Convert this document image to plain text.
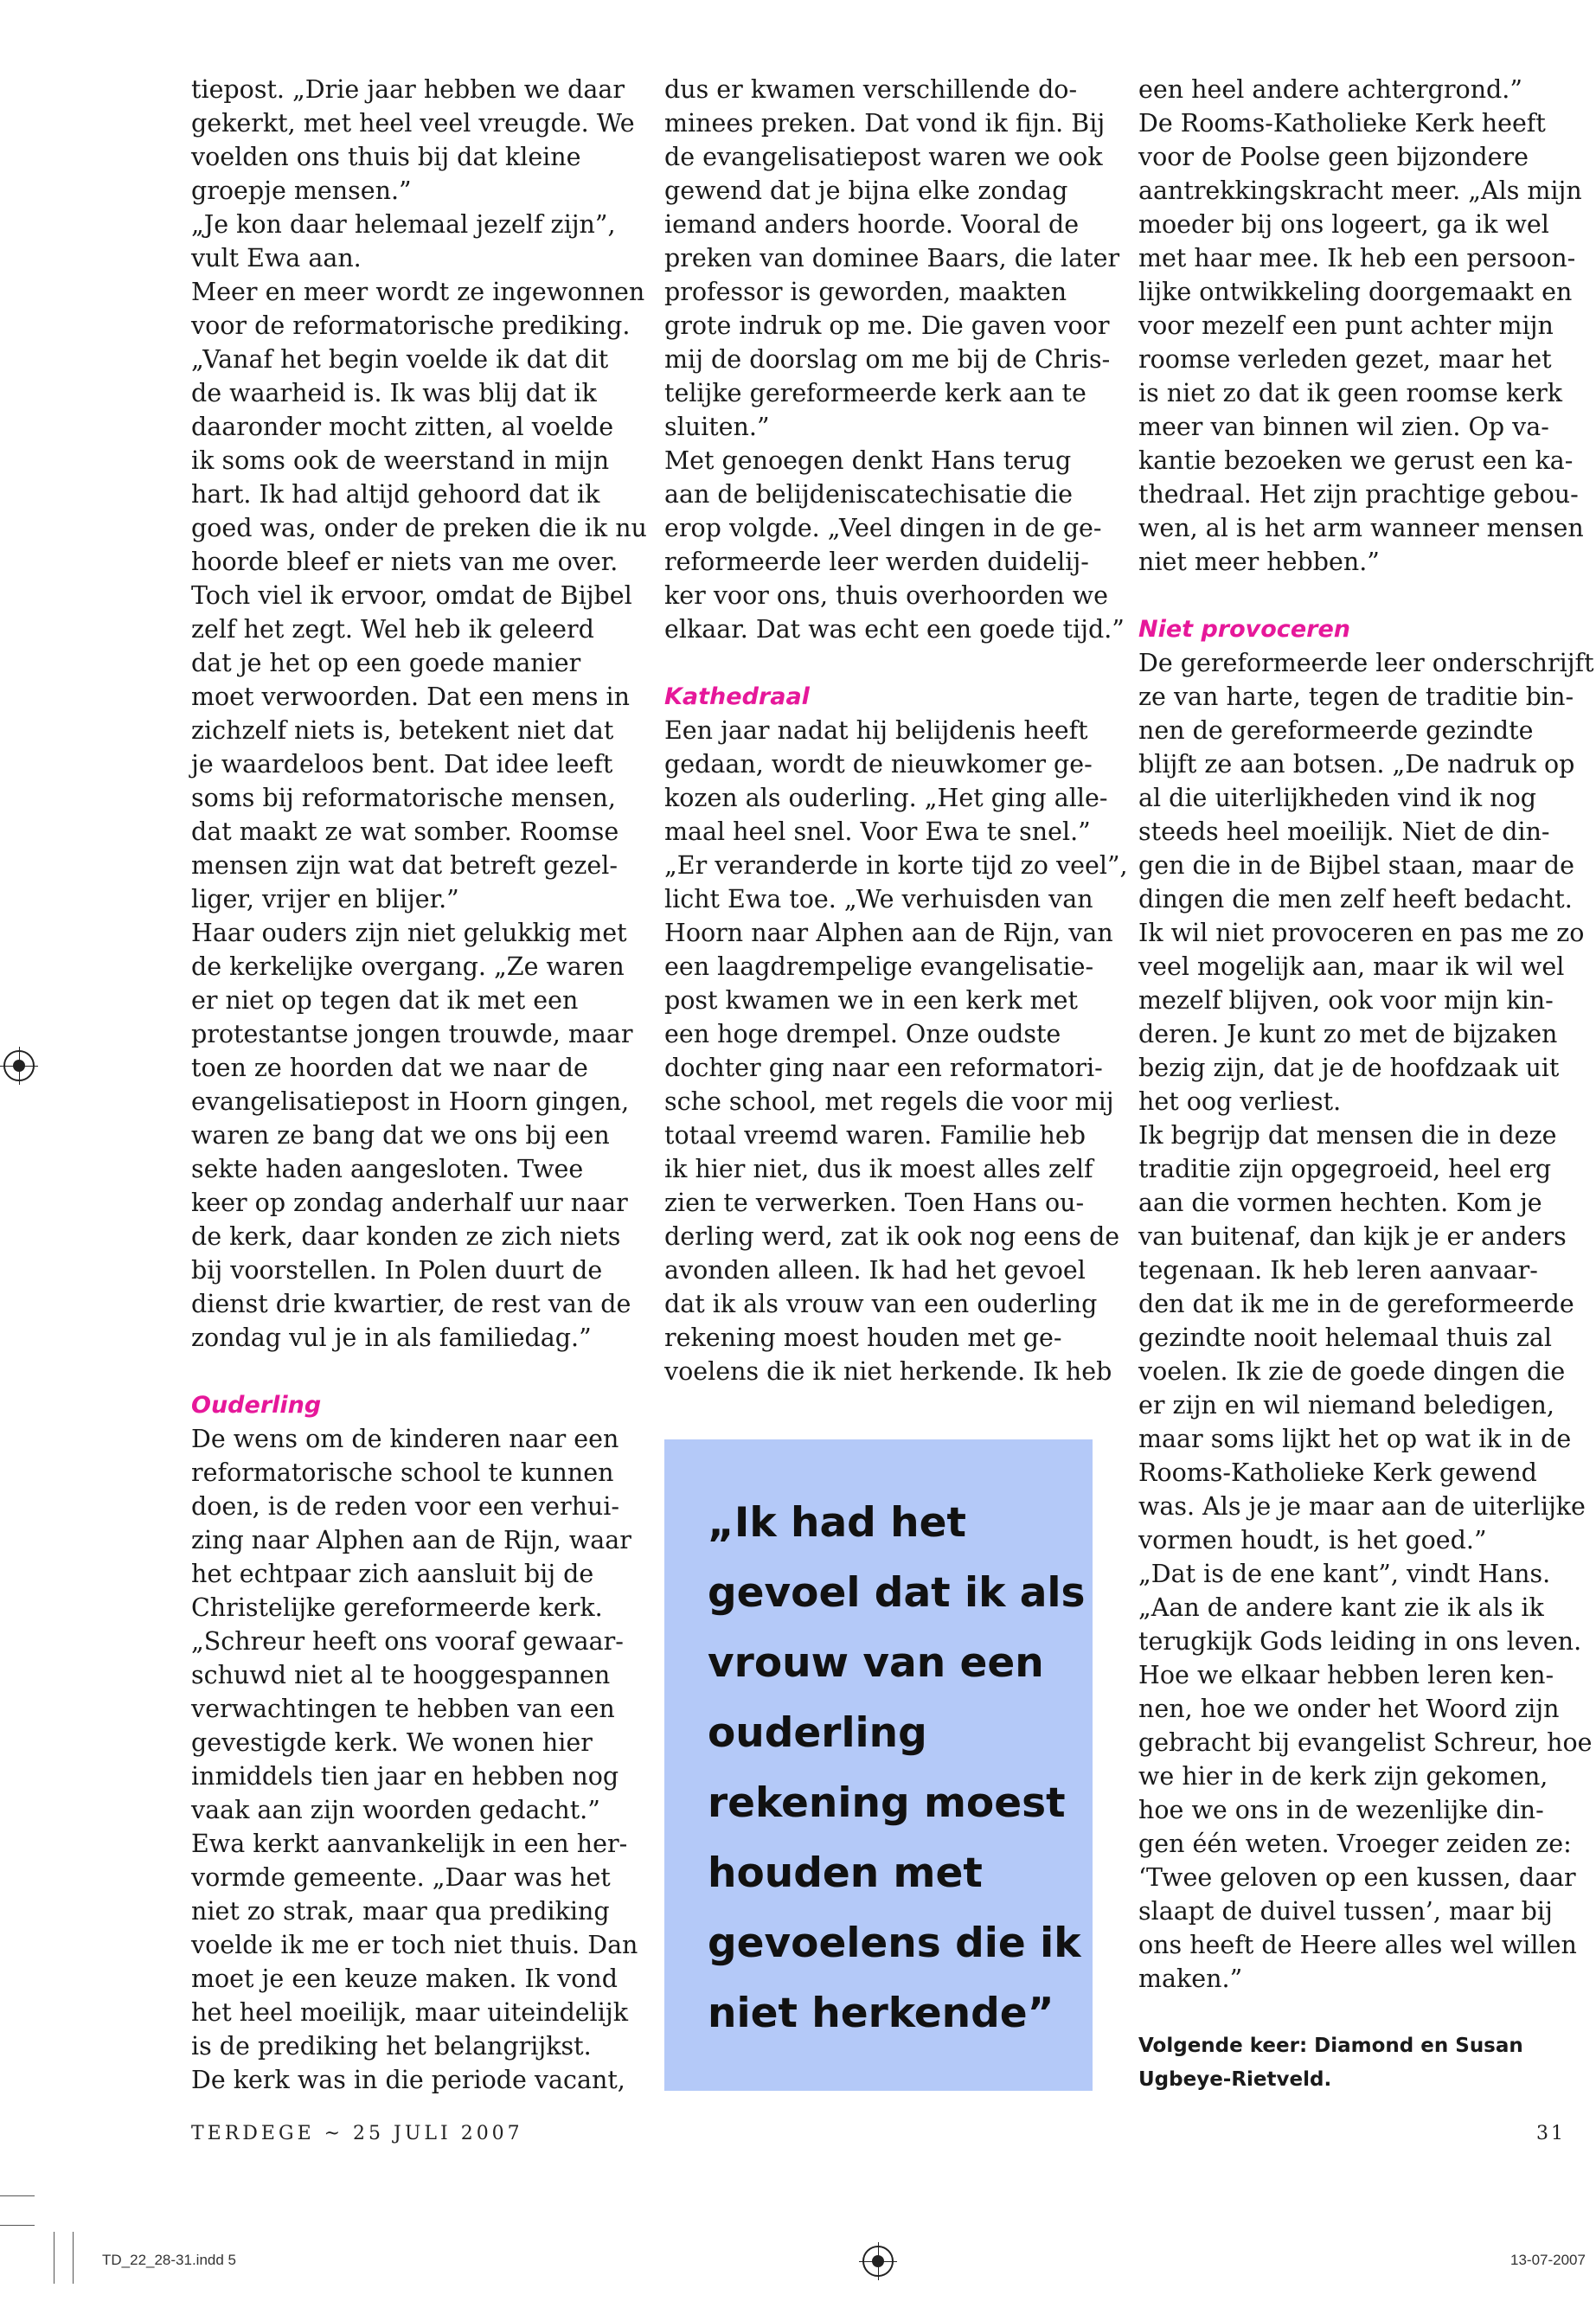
tiepost. „Drie jaar hebben we daar

gekerkt, met heel veel vreugde. We

voelden ons thuis bij dat kleine

groepje mensen.”

„Je kon daar helemaal jezelf zijn”,

vult Ewa aan.

Meer en meer wordt ze ingewonnen

voor de reformatorische prediking.

„Vanaf het begin voelde ik dat dit

de waarheid is. Ik was blij dat ik

daaronder mocht zitten, al voelde

ik soms ook de weerstand in mijn

hart. Ik had altijd gehoord dat ik

goed was, onder de preken die ik nu

hoorde bleef er niets van me over.

Toch viel ik ervoor, omdat de Bijbel

zelf het zegt. Wel heb ik geleerd

dat je het op een goede manier

moet verwoorden. Dat een mens in

zichzelf niets is, betekent niet dat

je waardeloos bent. Dat idee leeft

soms bij reformatorische mensen,

dat maakt ze wat somber. Roomse

mensen zijn wat dat betreft gezel-

liger, vrijer en blijer.”

Haar ouders zijn niet gelukkig met

de kerkelijke overgang. „Ze waren

er niet op tegen dat ik met een

protestantse jongen trouwde, maar

toen ze hoorden dat we naar de

evangelisatiepost in Hoorn gingen,

waren ze bang dat we ons bij een

sekte haden aangesloten. Twee

keer op zondag anderhalf uur naar

de kerk, daar konden ze zich niets

bij voorstellen. In Polen duurt de

dienst drie kwartier, de rest van de

zondag vul je in als familiedag.”

Ouderling

De wens om de kinderen naar een

reformatorische school te kunnen

doen, is de reden voor een verhui-

zing naar Alphen aan de Rijn, waar

het echtpaar zich aansluit bij de

Christelijke gereformeerde kerk.

„Schreur heeft ons vooraf gewaar-

schuwd niet al te hooggespannen

verwachtingen te hebben van een

gevestigde kerk. We wonen hier

inmiddels tien jaar en hebben nog

vaak aan zijn woorden gedacht.”

Ewa kerkt aanvankelijk in een her-

vormde gemeente. „Daar was het

niet zo strak, maar qua prediking

voelde ik me er toch niet thuis. Dan

moet je een keuze maken. Ik vond

het heel moeilijk, maar uiteindelijk

is de prediking het belangrijkst.

De kerk was in die periode vacant,

dus er kwamen verschillende do-

minees preken. Dat vond ik fijn. Bij

de evangelisatiepost waren we ook

gewend dat je bijna elke zondag

iemand anders hoorde. Vooral de

preken van dominee Baars, die later

professor is geworden, maakten

grote indruk op me. Die gaven voor

mij de doorslag om me bij de Chris-

telijke gereformeerde kerk aan te

sluiten.”

Met genoegen denkt Hans terug

aan de belijdeniscatechisatie die

erop volgde. „Veel dingen in de ge-

reformeerde leer werden duidelij-

ker voor ons, thuis overhoorden we

elkaar. Dat was echt een goede tijd.”

Kathedraal

Een jaar nadat hij belijdenis heeft

gedaan, wordt de nieuwkomer ge-

kozen als ouderling. „Het ging alle-

maal heel snel. Voor Ewa te snel.”

„Er veranderde in korte tijd zo veel”,

licht Ewa toe. „We verhuisden van

Hoorn naar Alphen aan de Rijn, van

een laagdrempelige evangelisatie-

post kwamen we in een kerk met

een hoge drempel. Onze oudste

dochter ging naar een reformatori-

sche school, met regels die voor mij

totaal vreemd waren. Familie heb

ik hier niet, dus ik moest alles zelf

zien te verwerken. Toen Hans ou-

derling werd, zat ik ook nog eens de

avonden alleen. Ik had het gevoel

dat ik als vrouw van een ouderling

rekening moest houden met ge-

voelens die ik niet herkende. Ik heb

„Ik had het

gevoel dat ik als

vrouw van een

ouderling

rekening moest

houden met

gevoelens die ik

niet herkende”

een heel andere achtergrond.”

De Rooms-Katholieke Kerk heeft

voor de Poolse geen bijzondere

aantrekkingskracht meer. „Als mijn

moeder bij ons logeert, ga ik wel

met haar mee. Ik heb een persoon-

lijke ontwikkeling doorgemaakt en

voor mezelf een punt achter mijn

roomse verleden gezet, maar het

is niet zo dat ik geen roomse kerk

meer van binnen wil zien. Op va-

kantie bezoeken we gerust een ka-

thedraal. Het zijn prachtige gebou-

wen, al is het arm wanneer mensen

niet meer hebben.”

Niet provoceren

De gereformeerde leer onderschrijft

ze van harte, tegen de traditie bin-

nen de gereformeerde gezindte

blijft ze aan botsen. „De nadruk op

al die uiterlijkheden vind ik nog

steeds heel moeilijk. Niet de din-

gen die in de Bijbel staan, maar de

dingen die men zelf heeft bedacht.

Ik wil niet provoceren en pas me zo

veel mogelijk aan, maar ik wil wel

mezelf blijven, ook voor mijn kin-

deren. Je kunt zo met de bijzaken

bezig zijn, dat je de hoofdzaak uit

het oog verliest.

Ik begrijp dat mensen die in deze

traditie zijn opgegroeid, heel erg

aan die vormen hechten. Kom je

van buitenaf, dan kijk je er anders

tegenaan. Ik heb leren aanvaar-

den dat ik me in de gereformeerde

gezindte nooit helemaal thuis zal

voelen. Ik zie de goede dingen die

er zijn en wil niemand beledigen,

maar soms lijkt het op wat ik in de

Rooms-Katholieke Kerk gewend

was. Als je je maar aan de uiterlijke

vormen houdt, is het goed.”

„Dat is de ene kant”, vindt Hans.

„Aan de andere kant zie ik als ik

terugkijk Gods leiding in ons leven.

Hoe we elkaar hebben leren ken-

nen, hoe we onder het Woord zijn

gebracht bij evangelist Schreur, hoe

we hier in de kerk zijn gekomen,

hoe we ons in de wezenlijke din-

gen één weten. Vroeger zeiden ze:

‘Twee geloven op een kussen, daar

slaapt de duivel tussen’, maar bij

ons heeft de Heere alles wel willen

maken.”

Volgende keer: Diamond en Susan

Ugbeye-Rietveld.

TERDEGE ~ 25 JULI 2007	31
TD_22_28-31.indd 5	13-07-2007
